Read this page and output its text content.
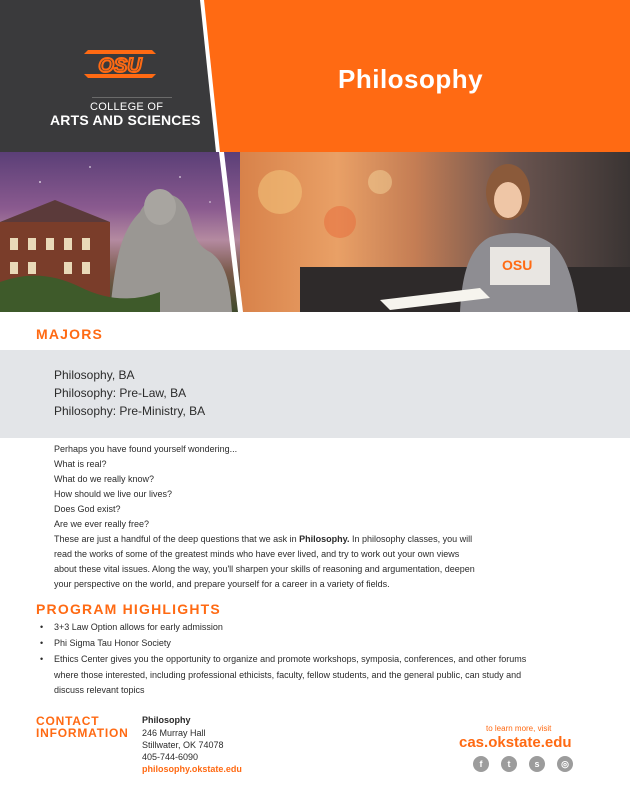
OSU
COLLEGE OF
ARTS AND SCIENCES
Philosophy
OSU
MAJORS
Philosophy, BA
Philosophy: Pre-Law, BA
Philosophy: Pre-Ministry, BA
Perhaps you have found yourself wondering...
What is real?
What do we really know?
How should we live our lives?
Does God exist?
Are we ever really free?
These are just a handful of the deep questions that we ask in Philosophy. In philosophy classes, you will
read the works of some of the greatest minds who have ever lived, and try to work out your own views
about these vital issues. Along the way, you'll sharpen your skills of reasoning and argumentation, deepen
your perspective on the world, and prepare yourself for a career in a variety of fields.
PROGRAM HIGHLIGHTS
• 3+3 Law Option allows for early admission
• Phi Sigma Tau Honor Society
• Ethics Center gives you the opportunity to organize and promote workshops, symposia, conferences, and other forums
where those interested, including professional ethicists, faculty, fellow students, and the general public, can study and
discuss relevant topics
CONTACT
INFORMATION
Philosophy
246 Murray Hall
Stillwater, OK 74078
405-744-6090
philosophy.okstate.edu
to learn more, visit
cas.okstate.edu
f	t	s	◎
